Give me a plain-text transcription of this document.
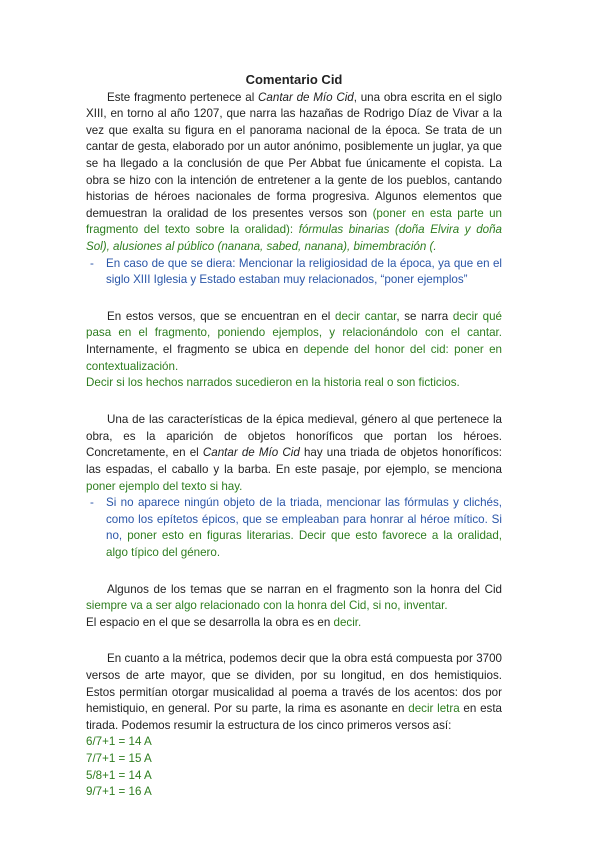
Comentario Cid

Este fragmento pertenece al Cantar de Mío Cid, una obra escrita en el siglo XIII, en torno al año 1207, que narra las hazañas de Rodrigo Díaz de Vivar a la vez que exalta su figura en el panorama nacional de la época. Se trata de un cantar de gesta, elaborado por un autor anónimo, posiblemente un juglar, ya que se ha llegado a la conclusión de que Per Abbat fue únicamente el copista. La obra se hizo con la intención de entretener a la gente de los pueblos, cantando historias de héroes nacionales de forma progresiva. Algunos elementos que demuestran la oralidad de los presentes versos son (poner en esta parte un fragmento del texto sobre la oralidad): fórmulas binarias (doña Elvira y doña Sol), alusiones al público (nanana, sabed, nanana), bimembración (.

- En caso de que se diera: Mencionar la religiosidad de la época, ya que en el siglo XIII Iglesia y Estado estaban muy relacionados, “poner ejemplos”

En estos versos, que se encuentran en el decir cantar, se narra decir qué pasa en el fragmento, poniendo ejemplos, y relacionándolo con el cantar. Internamente, el fragmento se ubica en depende del honor del cid: poner en contextualización.

Decir si los hechos narrados sucedieron en la historia real o son ficticios.

Una de las características de la épica medieval, género al que pertenece la obra, es la aparición de objetos honoríficos que portan los héroes. Concretamente, en el Cantar de Mío Cid hay una triada de objetos honoríficos: las espadas, el caballo y la barba. En este pasaje, por ejemplo, se menciona poner ejemplo del texto si hay.

- Si no aparece ningún objeto de la triada, mencionar las fórmulas y clichés, como los epítetos épicos, que se empleaban para honrar al héroe mítico. Si no, poner esto en figuras literarias. Decir que esto favorece a la oralidad, algo típico del género.

Algunos de los temas que se narran en el fragmento son la honra del Cid siempre va a ser algo relacionado con la honra del Cid, si no, inventar.

El espacio en el que se desarrolla la obra es en decir.

En cuanto a la métrica, podemos decir que la obra está compuesta por 3700 versos de arte mayor, que se dividen, por su longitud, en dos hemistiquios. Estos permitían otorgar musicalidad al poema a través de los acentos: dos por hemistiquio, en general. Por su parte, la rima es asonante en decir letra en esta tirada. Podemos resumir la estructura de los cinco primeros versos así:

6/7+1 = 14 A
7/7+1 = 15 A
5/8+1 = 14 A
9/7+1 = 16 A
